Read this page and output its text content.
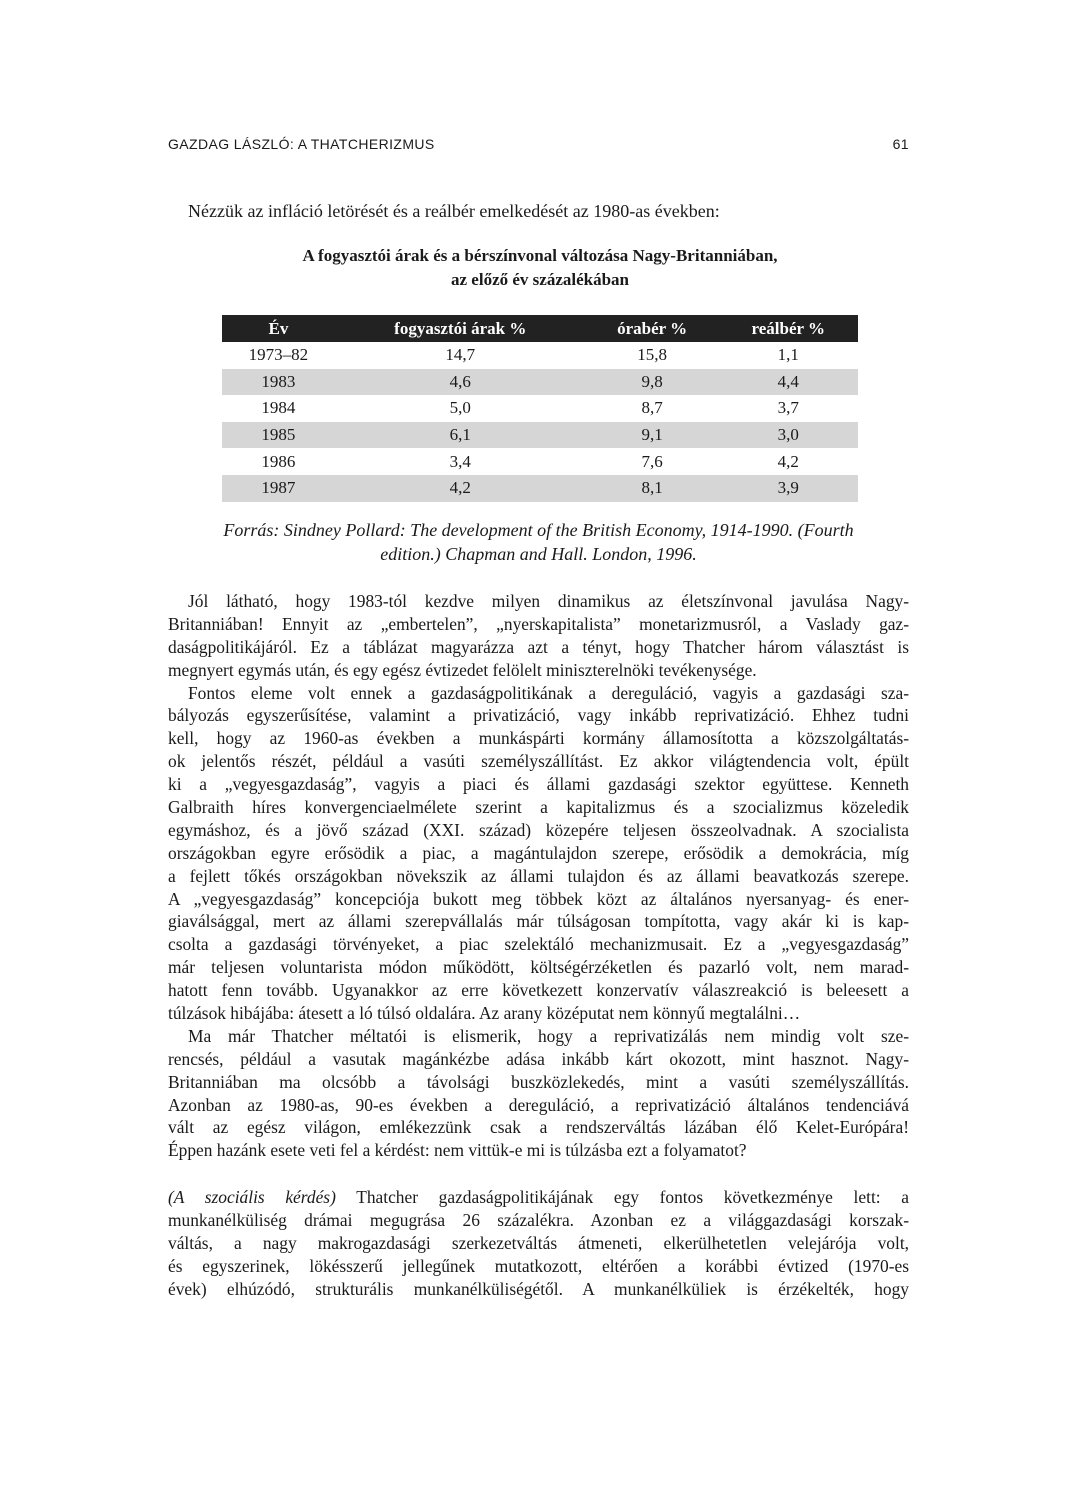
GAZDAG LÁSZLÓ: A THATCHERIZMUS	61
Nézzük az infláció letörését és a reálbér emelkedését az 1980-as években:
A fogyasztói árak és a bérszínvonal változása Nagy-Britanniában,
az előző év százalékában
Év	fogyasztói árak %	órabér %	reálbér %
1973–82	14,7	15,8	1,1
1983	4,6	9,8	4,4
1984	5,0	8,7	3,7
1985	6,1	9,1	3,0
1986	3,4	7,6	4,2
1987	4,2	8,1	3,9
Forrás: Sindney Pollard: The development of the British Economy, 1914-1990. (Fourth
edition.) Chapman and Hall. London, 1996.
Jól látható, hogy 1983-tól kezdve milyen dinamikus az életszínvonal javulása Nagy-
Britanniában! Ennyit az „embertelen”, „nyerskapitalista” monetarizmusról, a Vaslady gaz-
daságpolitikájáról. Ez a táblázat magyarázza azt a tényt, hogy Thatcher három választást is
megnyert egymás után, és egy egész évtizedet felölelt miniszterelnöki tevékenysége.
Fontos eleme volt ennek a gazdaságpolitikának a dereguláció, vagyis a gazdasági sza-
bályozás egyszerűsítése, valamint a privatizáció, vagy inkább reprivatizáció. Ehhez tudni
kell, hogy az 1960-as években a munkáspárti kormány államosította a közszolgáltatás-
ok jelentős részét, például a vasúti személyszállítást. Ez akkor világtendencia volt, épült
ki a „vegyesgazdaság”, vagyis a piaci és állami gazdasági szektor együttese. Kenneth
Galbraith híres konvergenciaelmélete szerint a kapitalizmus és a szocializmus közeledik
egymáshoz, és a jövő század (XXI. század) közepére teljesen összeolvadnak. A szocialista
országokban egyre erősödik a piac, a magántulajdon szerepe, erősödik a demokrácia, míg
a fejlett tőkés országokban növekszik az állami tulajdon és az állami beavatkozás szerepe.
A „vegyesgazdaság” koncepciója bukott meg többek közt az általános nyersanyag- és ener-
giaválsággal, mert az állami szerepvállalás már túlságosan tompította, vagy akár ki is kap-
csolta a gazdasági törvényeket, a piac szelektáló mechanizmusait. Ez a „vegyesgazdaság”
már teljesen voluntarista módon működött, költségérzéketlen és pazarló volt, nem marad-
hatott fenn tovább. Ugyanakkor az erre következett konzervatív válaszreakció is beleesett a
túlzások hibájába: átesett a ló túlsó oldalára. Az arany középutat nem könnyű megtalálni…
Ma már Thatcher méltatói is elismerik, hogy a reprivatizálás nem mindig volt sze-
rencsés, például a vasutak magánkézbe adása inkább kárt okozott, mint hasznot. Nagy-
Britanniában ma olcsóbb a távolsági buszközlekedés, mint a vasúti személyszállítás.
Azonban az 1980-as, 90-es években a dereguláció, a reprivatizáció általános tendenciává
vált az egész világon, emlékezzünk csak a rendszerváltás lázában élő Kelet-Európára!
Éppen hazánk esete veti fel a kérdést: nem vittük-e mi is túlzásba ezt a folyamatot?
(A szociális kérdés) Thatcher gazdaságpolitikájának egy fontos következménye lett: a
munkanélküliség drámai megugrása 26 százalékra. Azonban ez a világgazdasági korszak-
váltás, a nagy makrogazdasági szerkezetváltás átmeneti, elkerülhetetlen velejárója volt,
és egyszerinek, lökésszerű jellegűnek mutatkozott, eltérően a korábbi évtized (1970-es
évek) elhúzódó, strukturális munkanélküliségétől. A munkanélküliek is érzékelték, hogy
